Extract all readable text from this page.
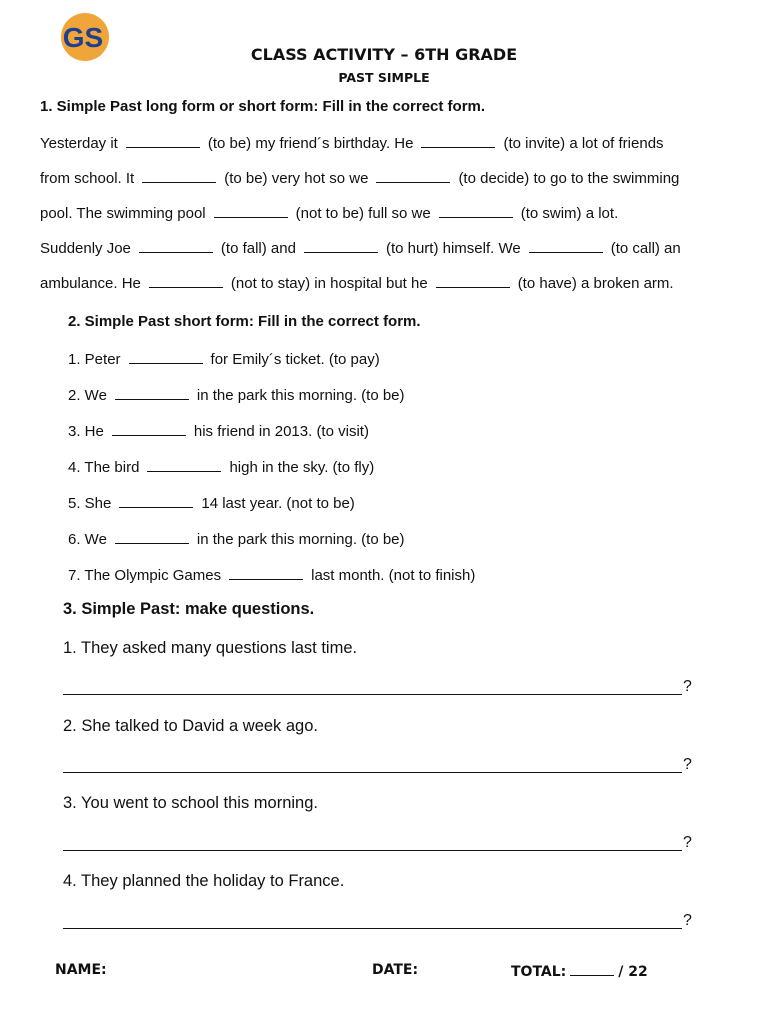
GS
CLASS ACTIVITY – 6TH GRADE
PAST SIMPLE
1. Simple Past long form or short form: Fill in the correct form.
Yesterday it	(to be) my friend´s birthday. He	(to invite) a lot of friends
from school. It	(to be) very hot so we	(to decide) to go to the swimming
pool. The swimming pool	(not to be) full so we	(to swim) a lot.
Suddenly Joe	(to fall) and	(to hurt) himself. We	(to call) an
ambulance. He	(not to stay) in hospital but he	(to have) a broken arm.
2. Simple Past short form: Fill in the correct form.
1. Peter	for Emily´s ticket. (to pay)
2. We	in the park this morning. (to be)
3. He	his friend in 2013. (to visit)
4. The bird	high in the sky. (to fly)
5. She	14 last year. (not to be)
6. We	in the park this morning. (to be)
7. The Olympic Games	last month. (not to finish)
3. Simple Past: make questions.
1. They asked many questions last time.
?
2. She talked to David a week ago.
?
3. You went to school this morning.
?
4. They planned the holiday to France.
?
NAME:	DATE:	TOTAL:	/ 22
